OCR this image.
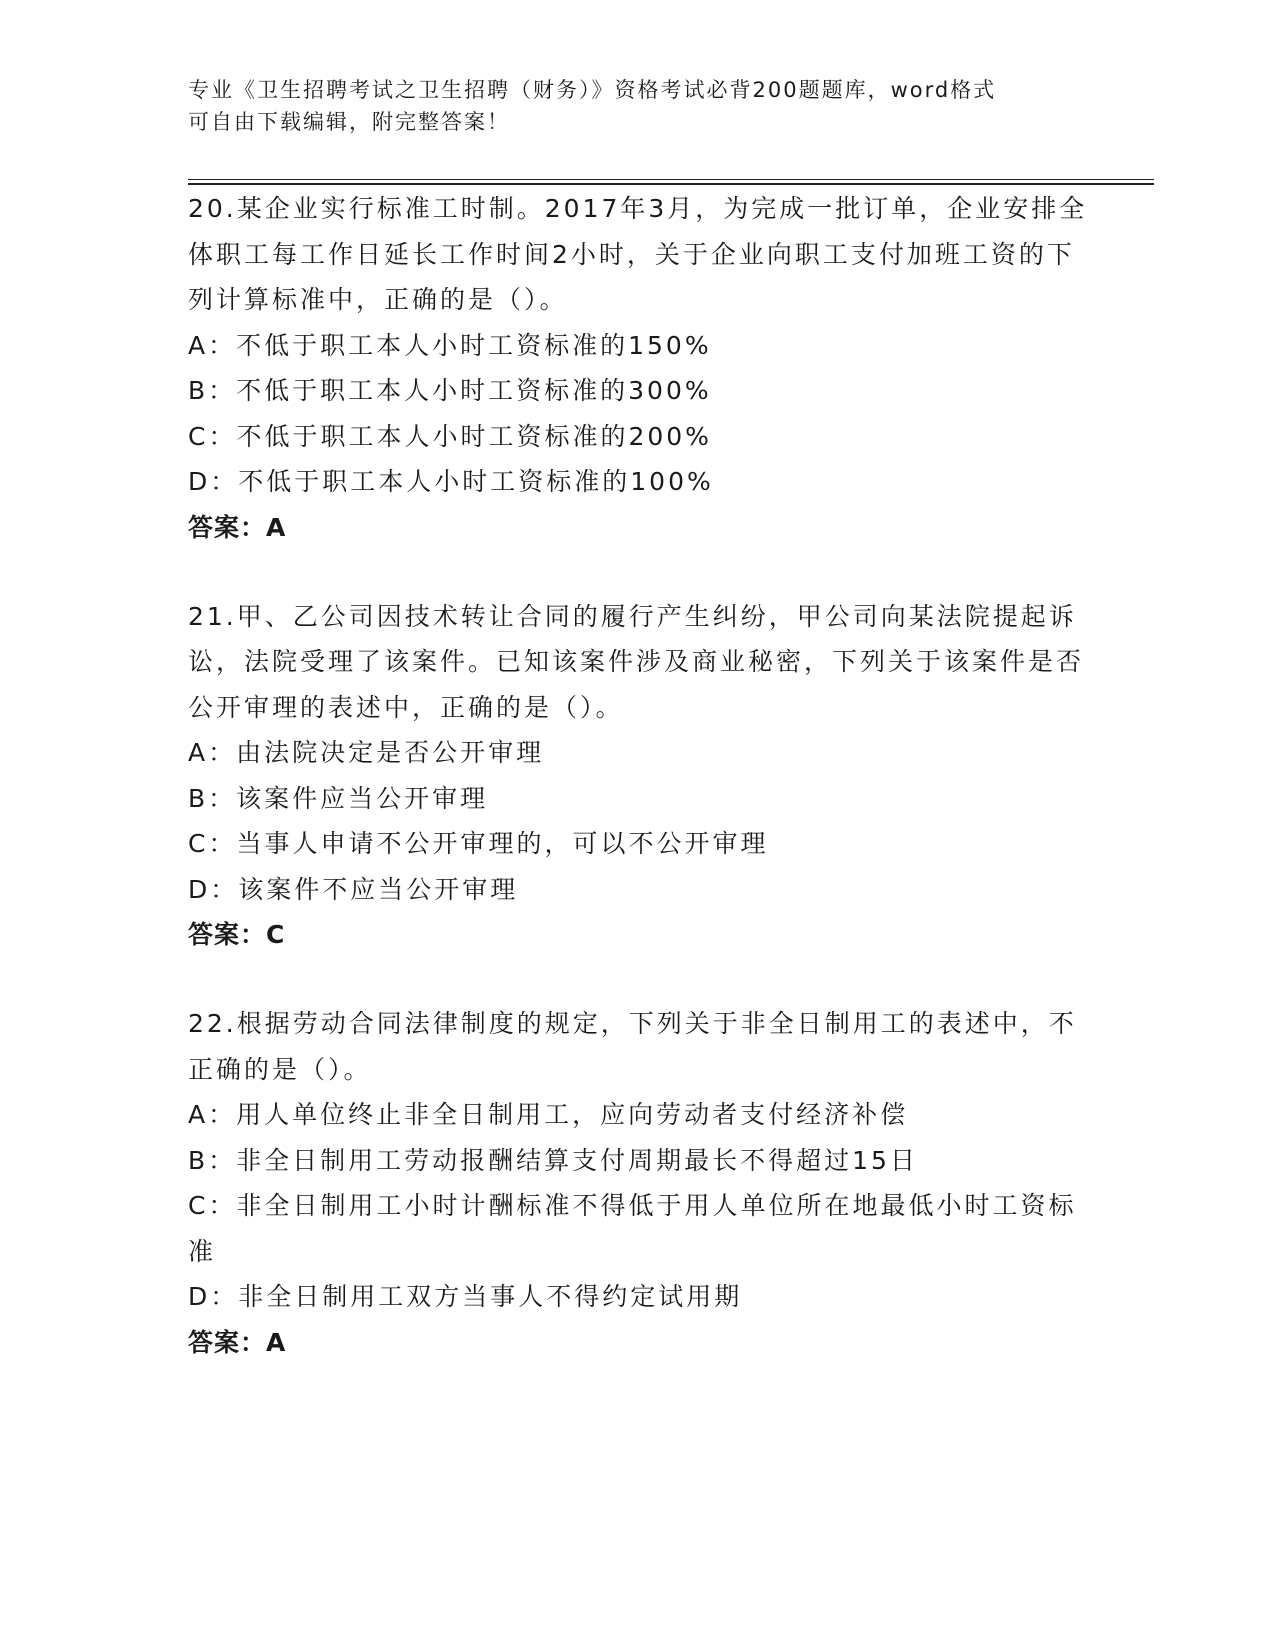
专业《卫生招聘考试之卫生招聘（财务）》资格考试必背200题题库，word格式
可自由下载编辑，附完整答案！
20.某企业实行标准工时制。2017年3月，为完成一批订单，企业安排全体职工每工作日延长工作时间2小时，关于企业向职工支付加班工资的下列计算标准中，正确的是（）。
A：不低于职工本人小时工资标准的150%
B：不低于职工本人小时工资标准的300%
C：不低于职工本人小时工资标准的200%
D：不低于职工本人小时工资标准的100%
答案：A
21.甲、乙公司因技术转让合同的履行产生纠纷，甲公司向某法院提起诉讼，法院受理了该案件。已知该案件涉及商业秘密，下列关于该案件是否公开审理的表述中，正确的是（）。
A：由法院决定是否公开审理
B：该案件应当公开审理
C：当事人申请不公开审理的，可以不公开审理
D：该案件不应当公开审理
答案：C
22.根据劳动合同法律制度的规定，下列关于非全日制用工的表述中，不正确的是（）。
A：用人单位终止非全日制用工，应向劳动者支付经济补偿
B：非全日制用工劳动报酬结算支付周期最长不得超过15日
C：非全日制用工小时计酬标准不得低于用人单位所在地最低小时工资标准
D：非全日制用工双方当事人不得约定试用期
答案：A
